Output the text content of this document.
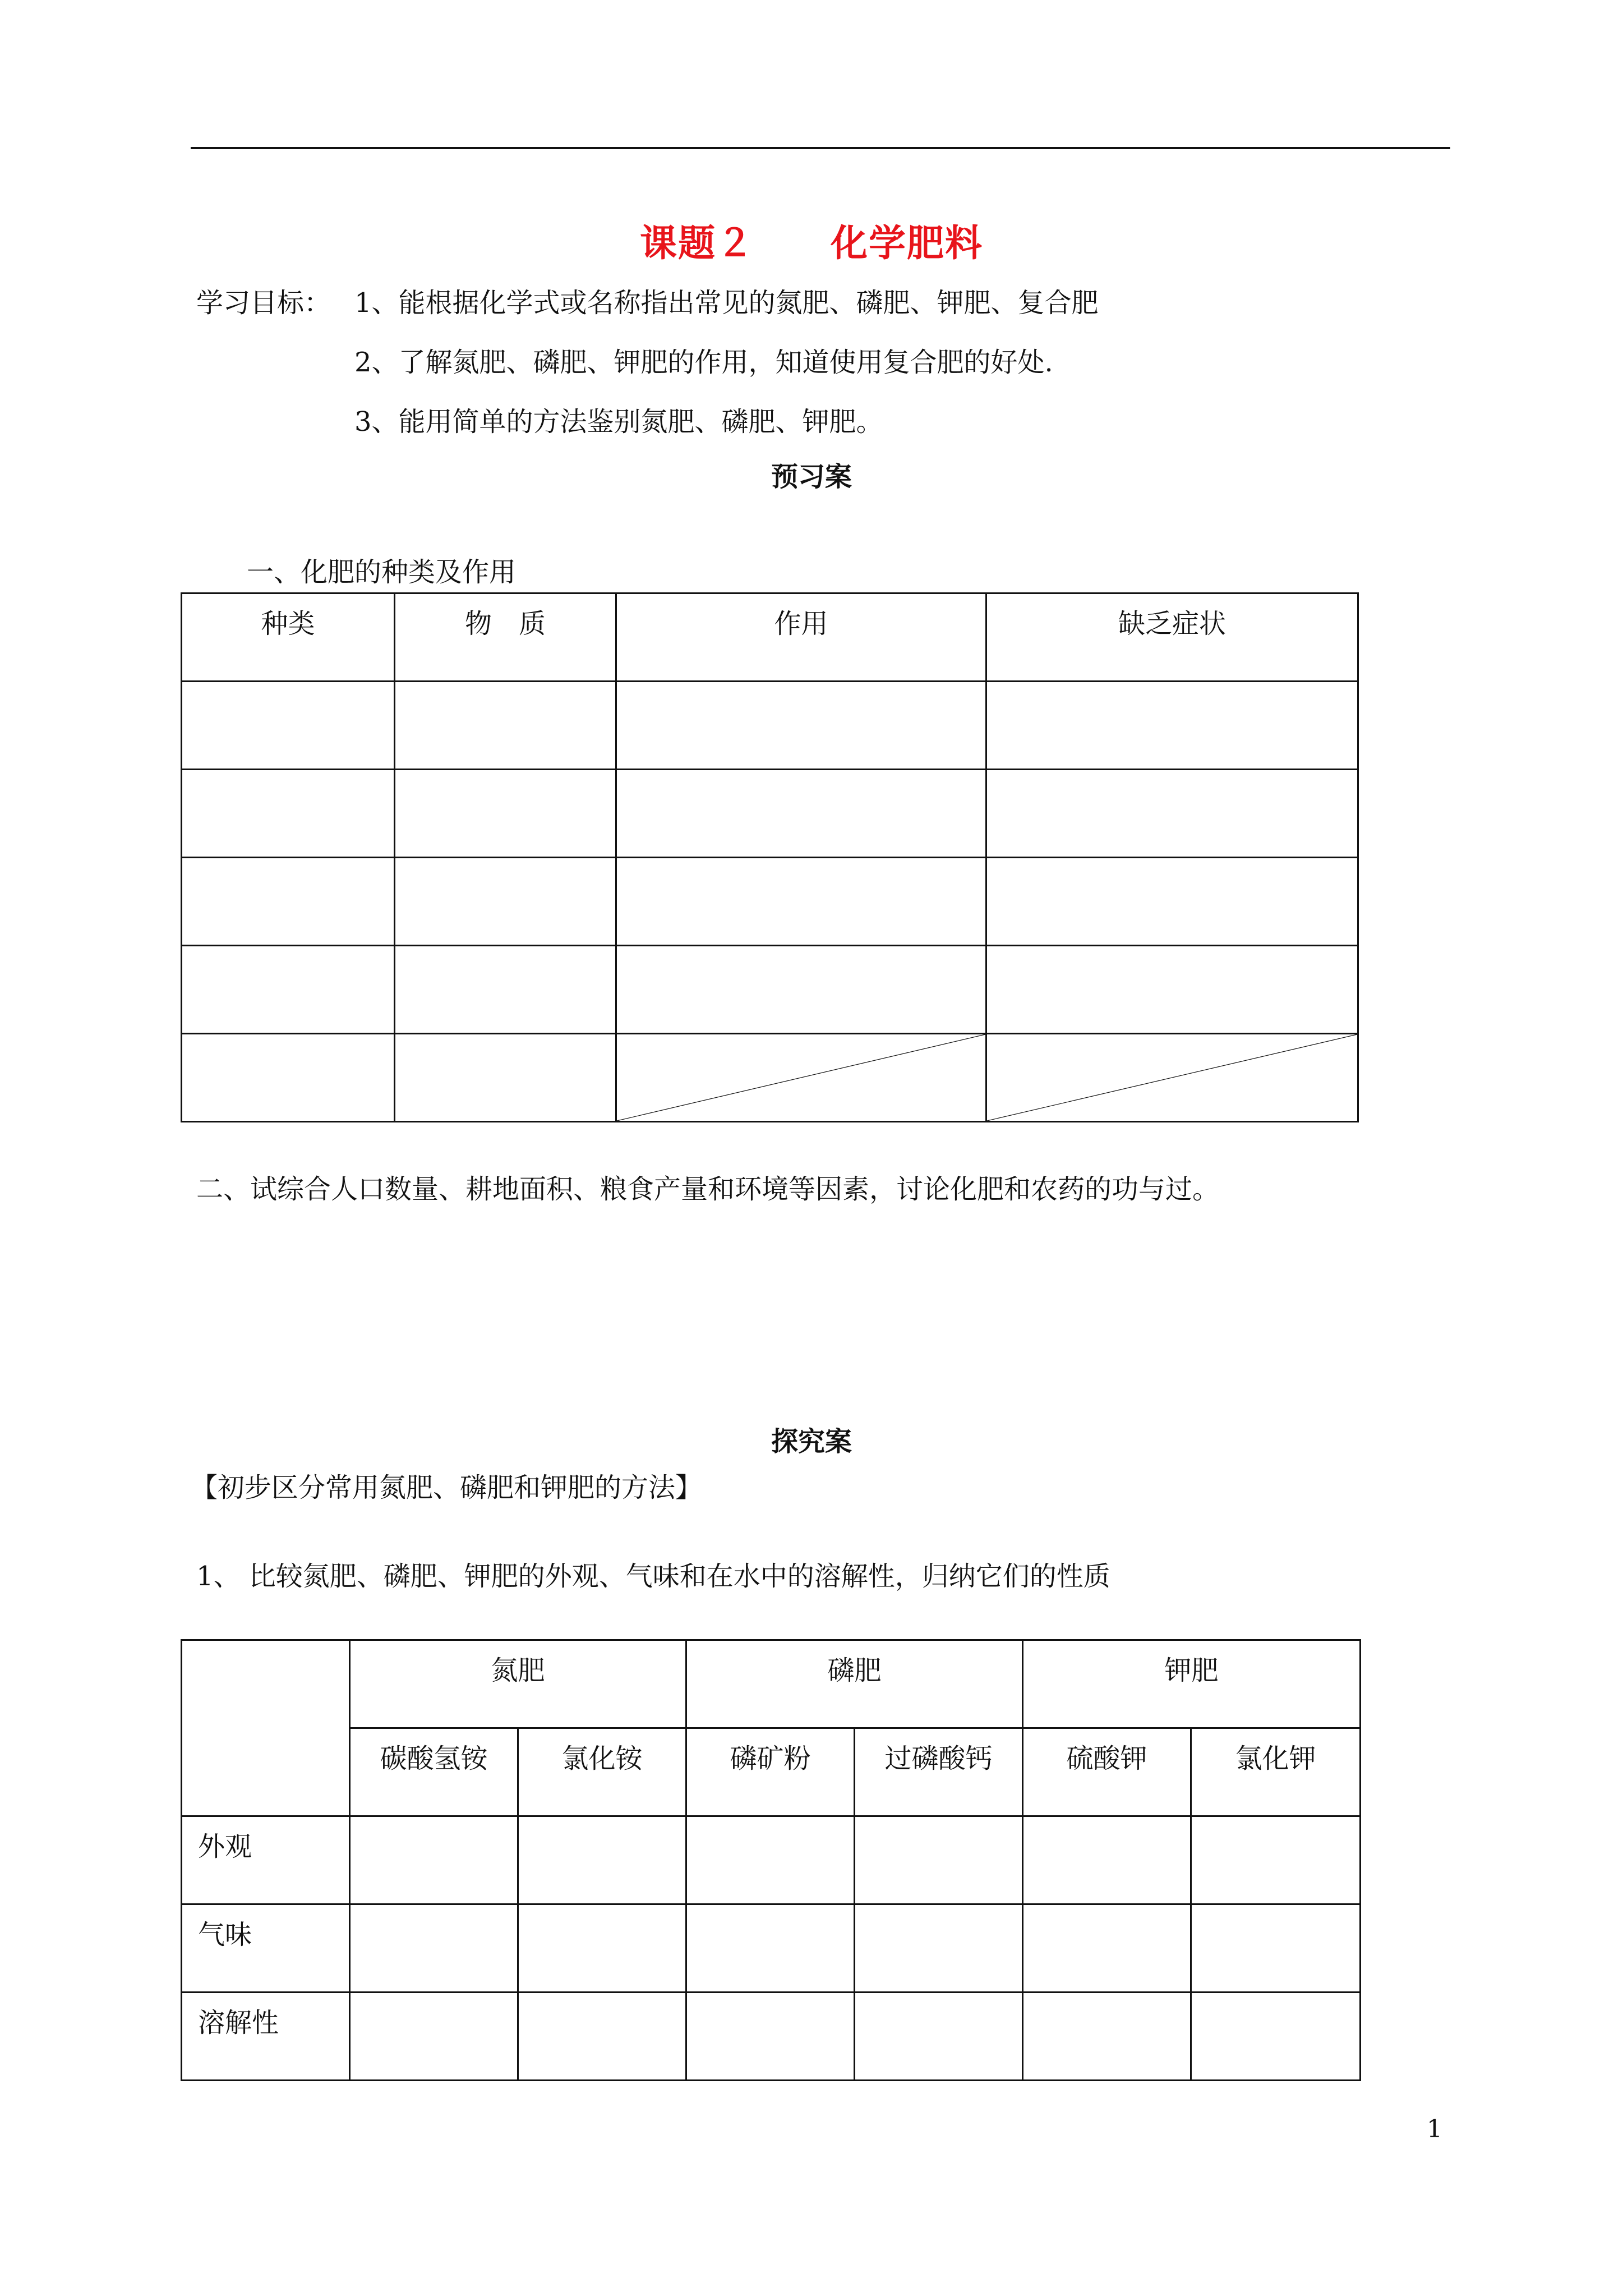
课题２　　化学肥料
学习目标： 1、能根据化学式或名称指出常见的氮肥、磷肥、钾肥、复合肥
2、了解氮肥、磷肥、钾肥的作用，知道使用复合肥的好处.
3、能用简单的方法鉴别氮肥、磷肥、钾肥。
预习案
一、化肥的种类及作用
种类	物　质	作用	缺乏症状

二、试综合人口数量、耕地面积、粮食产量和环境等因素，讨论化肥和农药的功与过。
探究案
【初步区分常用氮肥、磷肥和钾肥的方法】
1、 比较氮肥、磷肥、钾肥的外观、气味和在水中的溶解性，归纳它们的性质

	氮肥		磷肥		钾肥	

	碳酸氢铵	氯化铵	磷矿粉	过磷酸钙	硫酸钾	氯化钾

外观						

气味						

溶解性						

1
